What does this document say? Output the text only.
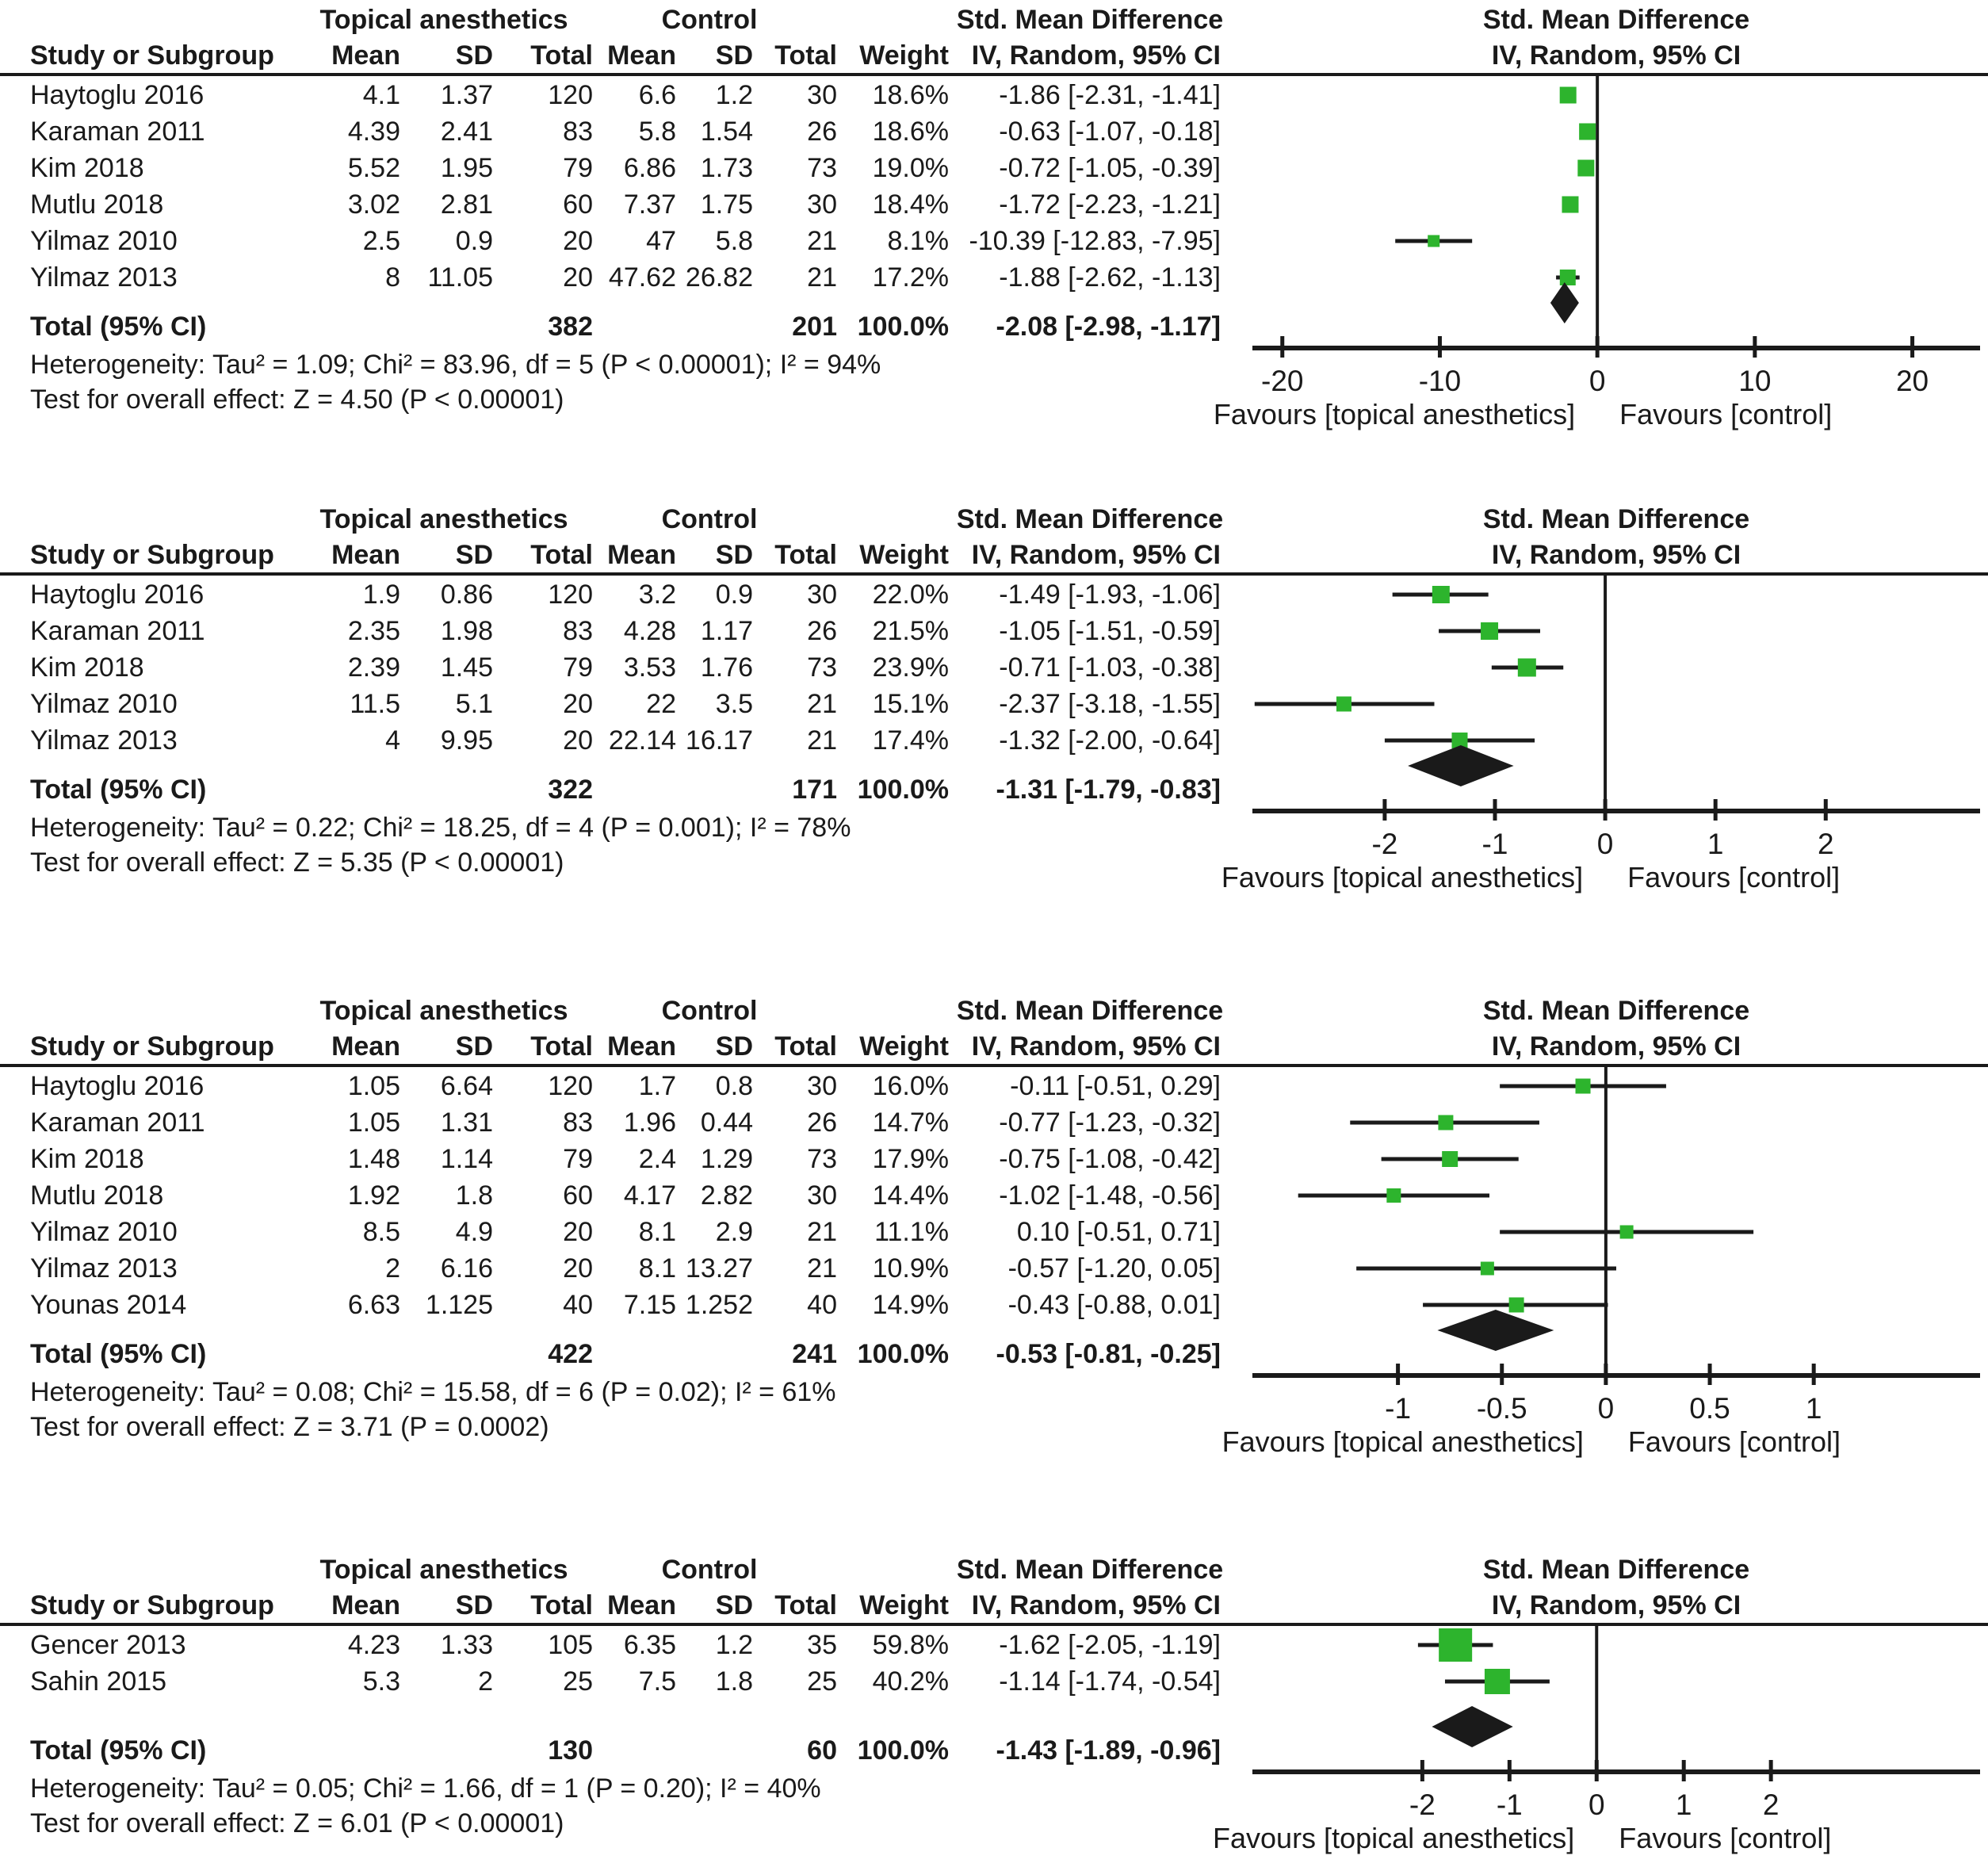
Topical anesthetics	Control	Std. Mean Difference	Std. Mean Difference
Study or Subgroup Mean SD Total Mean SD Total Weight IV, Random, 95% CI	IV, Random, 95% CI
Haytoglu 2016	4.1 1.37 120 6.6 1.2 30 18.6% -1.86 [-2.31, -1.41]
Karaman 2011	4.39 2.41	83 5.8 1.54 26 18.6% -0.63 [-1.07, -0.18]
Kim 2018	5.52 1.95	79 6.86 1.73 73 19.0% -0.72 [-1.05, -0.39]
Mutlu 2018	3.02 2.81	60 7.37 1.75 30 18.4% -1.72 [-2.23, -1.21]
Yilmaz 2010	2.5 0.9	20 47 5.8 21 8.1% -10.39 [-12.83, -7.95]
Yilmaz 2013	8 11.05	20 47.62 26.82 21 17.2% -1.88 [-2.62, -1.13]
Total (95% CI)	382	201 100.0% -2.08 [-2.98, -1.17]
Heterogeneity: Tau² = 1.09; Chi² = 83.96, df = 5 (P < 0.00001); I² = 94%
Test for overall effect: Z = 4.50 (P < 0.00001)
-20	-10	0	10	20
Favours [topical anesthetics] Favours [control]
Topical anesthetics	Control	Std. Mean Difference	Std. Mean Difference
Study or Subgroup Mean SD Total Mean SD Total Weight IV, Random, 95% CI	IV, Random, 95% CI
Haytoglu 2016	1.9 0.86 120 3.2 0.9 30 22.0% -1.49 [-1.93, -1.06]
Karaman 2011	2.35 1.98	83 4.28 1.17 26 21.5% -1.05 [-1.51, -0.59]
Kim 2018	2.39 1.45	79 3.53 1.76 73 23.9% -0.71 [-1.03, -0.38]
Yilmaz 2010	11.5 5.1	20 22 3.5 21 15.1% -2.37 [-3.18, -1.55]
Yilmaz 2013	4 9.95	20 22.14 16.17 21 17.4% -1.32 [-2.00, -0.64]
Total (95% CI)	322	171 100.0% -1.31 [-1.79, -0.83]
Heterogeneity: Tau² = 0.22; Chi² = 18.25, df = 4 (P = 0.001); I² = 78%
Test for overall effect: Z = 5.35 (P < 0.00001)
-2	-1	0	1	2
Favours [topical anesthetics] Favours [control]
Topical anesthetics	Control	Std. Mean Difference	Std. Mean Difference
Study or Subgroup Mean SD Total Mean SD Total Weight IV, Random, 95% CI	IV, Random, 95% CI
Haytoglu 2016	1.05 6.64 120 1.7 0.8 30 16.0% -0.11 [-0.51, 0.29]
Karaman 2011	1.05 1.31	83 1.96 0.44 26 14.7% -0.77 [-1.23, -0.32]
Kim 2018	1.48 1.14	79 2.4 1.29 73 17.9% -0.75 [-1.08, -0.42]
Mutlu 2018	1.92 1.8	60 4.17 2.82 30 14.4% -1.02 [-1.48, -0.56]
Yilmaz 2010	8.5 4.9	20 8.1 2.9 21 11.1%	0.10 [-0.51, 0.71]
Yilmaz 2013	2 6.16	20 8.1 13.27 21 10.9% -0.57 [-1.20, 0.05]
Younas 2014	6.63 1.125	40 7.15 1.252 40 14.9% -0.43 [-0.88, 0.01]
Total (95% CI)	422	241 100.0% -0.53 [-0.81, -0.25]
Heterogeneity: Tau² = 0.08; Chi² = 15.58, df = 6 (P = 0.02); I² = 61%
Test for overall effect: Z = 3.71 (P = 0.0002)
-1 -0.5 0	0.5	1
Favours [topical anesthetics] Favours [control]
Topical anesthetics	Control	Std. Mean Difference	Std. Mean Difference
Study or Subgroup Mean SD Total Mean SD Total Weight IV, Random, 95% CI	IV, Random, 95% CI
Gencer 2013	4.23 1.33 105 6.35 1.2 35 59.8% -1.62 [-2.05, -1.19]
Sahin 2015	5.3	2	25 7.5 1.8 25 40.2% -1.14 [-1.74, -0.54]
Total (95% CI)	130	60 100.0% -1.43 [-1.89, -0.96]
Heterogeneity: Tau² = 0.05; Chi² = 1.66, df = 1 (P = 0.20); I² = 40%
Test for overall effect: Z = 6.01 (P < 0.00001)
-2 -1 0 1 2
Favours [topical anesthetics] Favours [control]
